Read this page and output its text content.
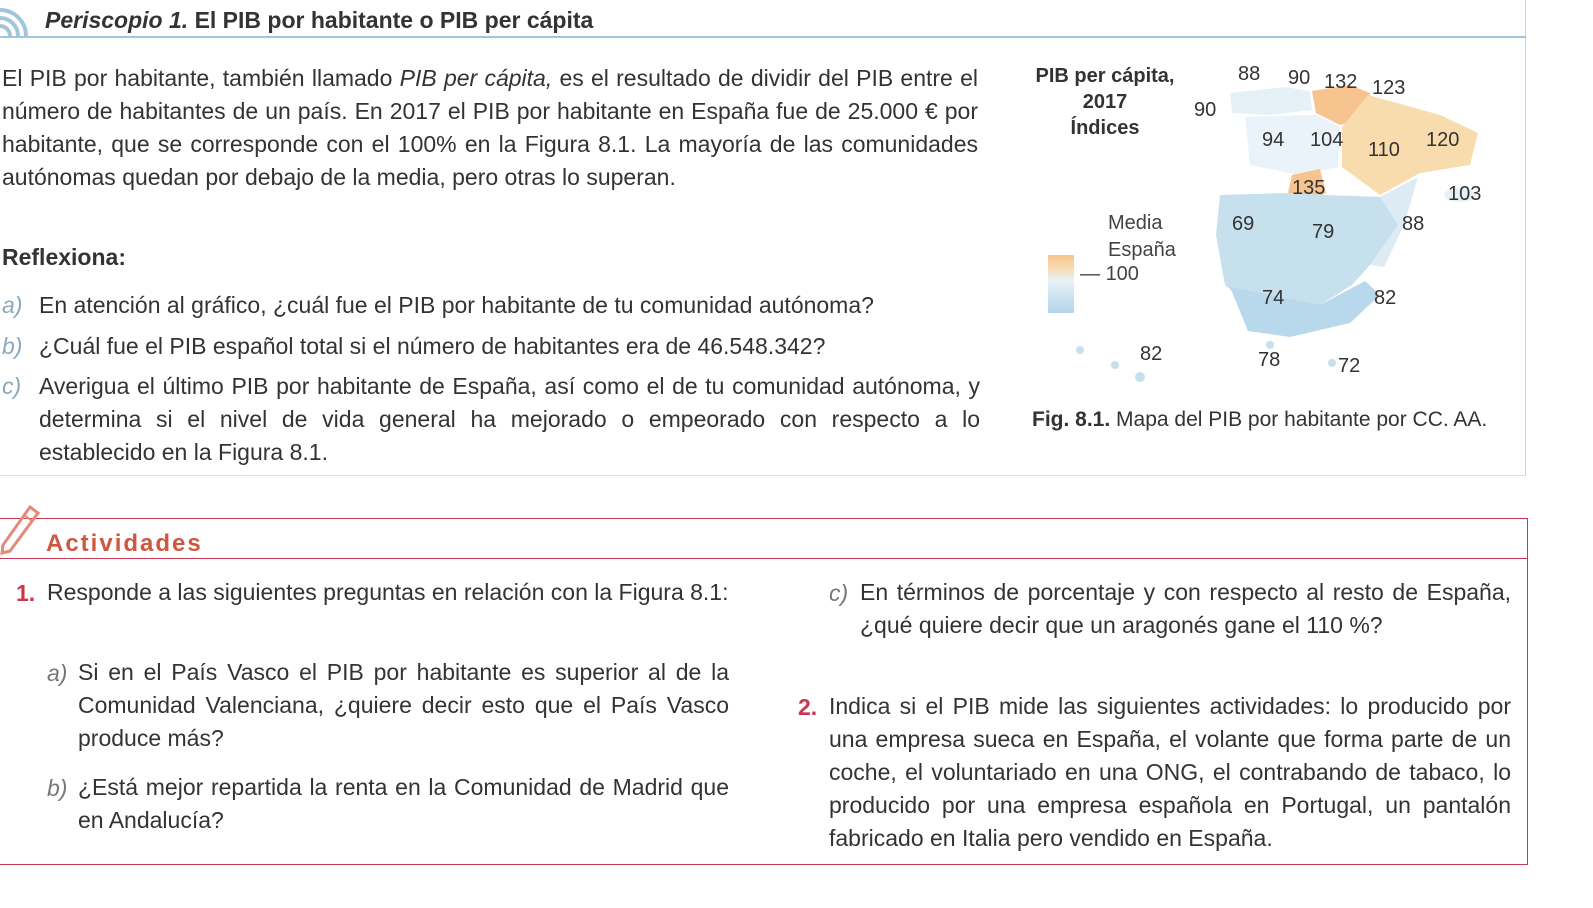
Periscopio 1. El PIB por habitante o PIB per cápita
El PIB por habitante, también llamado PIB per cápita, es el resultado de dividir del PIB entre el número de habitantes de un país. En 2017 el PIB por habitante en España fue de 25.000 € por habitante, que se corresponde con el 100% en la Figura 8.1. La mayoría de las comunidades autónomas quedan por debajo de la media, pero otras lo superan.
Reflexiona:
a) En atención al gráfico, ¿cuál fue el PIB por habitante de tu comunidad autónoma?
b) ¿Cuál fue el PIB español total si el número de habitantes era de 46.548.342?
c) Averigua el último PIB por habitante de España, así como el de tu comunidad autónoma, y determina si el nivel de vida general ha mejorado o empeorado con respecto a lo establecido en la Figura 8.1.
PIB per cápita,
2017
Índices
Media
España
— 100
90
88 90 132 123
94 104 110 120
135	103
69	79	88
74	82
82	78	72
Fig. 8.1. Mapa del PIB por habitante por CC. AA.
Actividades
1. Responde a las siguientes preguntas en relación con la Figura 8.1:
a) Si en el País Vasco el PIB por habitante es superior al de la Comunidad Valenciana, ¿quiere decir esto que el País Vasco produce más?
b) ¿Está mejor repartida la renta en la Comunidad de Madrid que en Andalucía?
c) En términos de porcentaje y con respecto al resto de España, ¿qué quiere decir que un aragonés gane el 110 %?
2. Indica si el PIB mide las siguientes actividades: lo producido por una empresa sueca en España, el volante que forma parte de un coche, el voluntariado en una ONG, el contrabando de tabaco, lo producido por una empresa española en Portugal, un pantalón fabricado en Italia pero vendido en España.
